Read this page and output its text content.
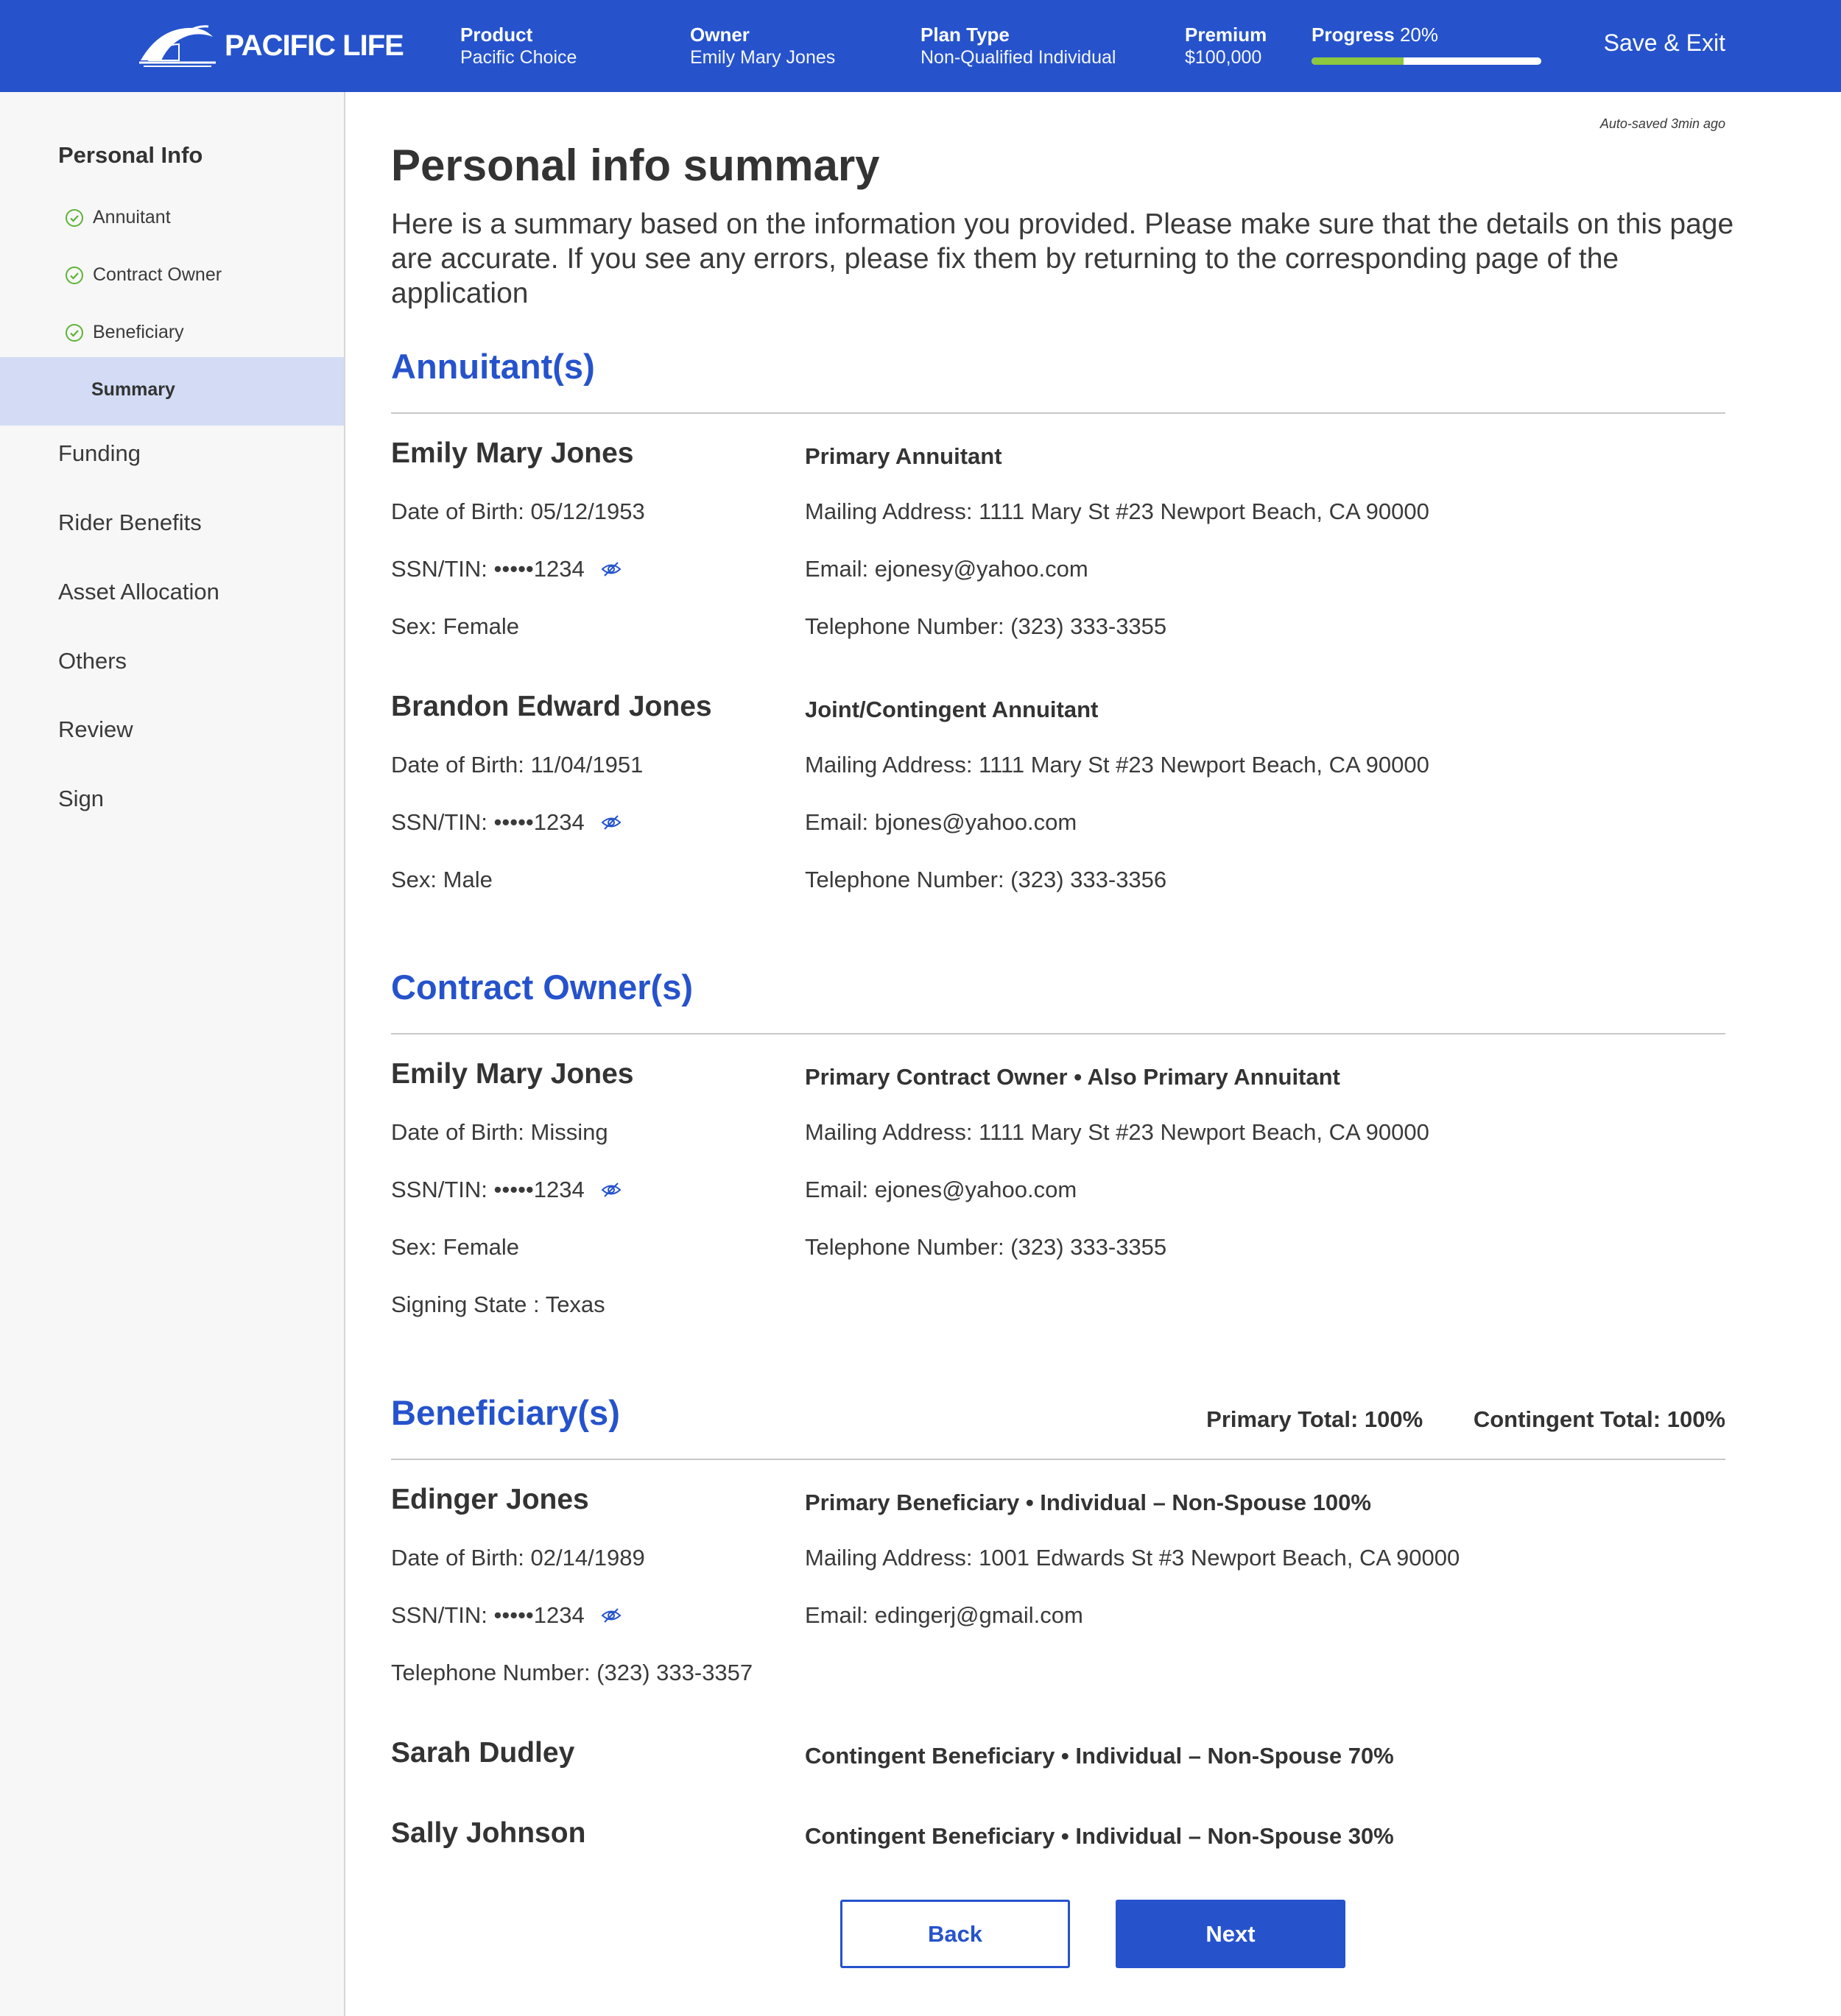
PACIFIC LIFE	Product
Pacific Choice
Owner
Emily Mary Jones
Plan Type
Non-Qualified Individual
Premium
$100,000
Progress 20%	Save & Exit
Personal Info
Annuitant
Contract Owner
Beneficiary
Summary
Funding
Rider Benefits
Asset Allocation
Others
Review
Sign
Auto-saved 3min ago
Personal info summary
Here is a summary based on the information you provided. Please make sure that the details on this page are accurate. If you see any errors, please fix them by returning to the corresponding page of the application
Annuitant(s)
Emily Mary Jones	Primary Annuitant
Date of Birth: 05/12/1953	Mailing Address: 1111 Mary St #23 Newport Beach, CA 90000
SSN/TIN: •••••1234	Email: ejonesy@yahoo.com
Sex: Female	Telephone Number: (323) 333-3355
Brandon Edward Jones	Joint/Contingent Annuitant
Date of Birth: 11/04/1951	Mailing Address: 1111 Mary St #23 Newport Beach, CA 90000
SSN/TIN: •••••1234	Email: bjones@yahoo.com
Sex: Male	Telephone Number: (323) 333-3356
Contract Owner(s)
Emily Mary Jones	Primary Contract Owner • Also Primary Annuitant
Date of Birth: Missing	Mailing Address: 1111 Mary St #23 Newport Beach, CA 90000
SSN/TIN: •••••1234	Email: ejones@yahoo.com
Sex: Female	Telephone Number: (323) 333-3355
Signing State : Texas
Beneficiary(s)	Primary Total: 100% Contingent Total: 100%
Edinger Jones	Primary Beneficiary • Individual – Non-Spouse 100%
Date of Birth: 02/14/1989	Mailing Address: 1001 Edwards St #3 Newport Beach, CA 90000
SSN/TIN: •••••1234	Email: edingerj@gmail.com
Telephone Number: (323) 333-3357
Sarah Dudley	Contingent Beneficiary • Individual – Non-Spouse 70%
Sally Johnson	Contingent Beneficiary • Individual – Non-Spouse 30%
Back	Next
